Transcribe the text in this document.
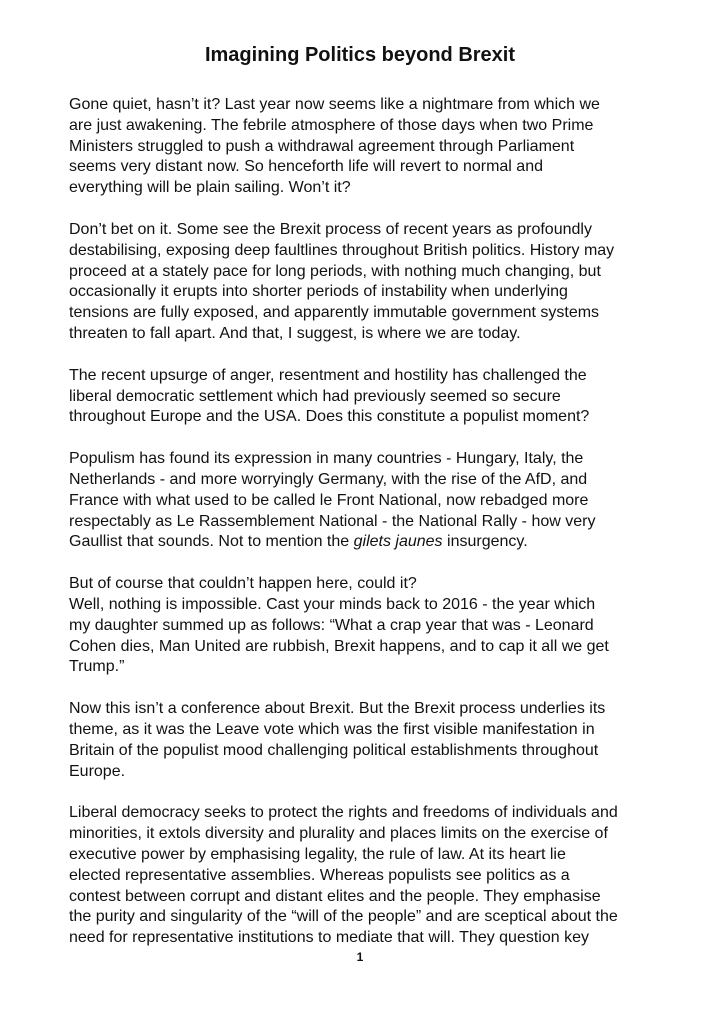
Imagining Politics beyond Brexit

Gone quiet, hasn’t it? Last year now seems like a nightmare from which we
are just awakening. The febrile atmosphere of those days when two Prime
Ministers struggled to push a withdrawal agreement through Parliament
seems very distant now. So henceforth life will revert to normal and
everything will be plain sailing. Won’t it?

Don’t bet on it. Some see the Brexit process of recent years as profoundly
destabilising, exposing deep faultlines throughout British politics. History may
proceed at a stately pace for long periods, with nothing much changing, but
occasionally it erupts into shorter periods of instability when underlying
tensions are fully exposed, and apparently immutable government systems
threaten to fall apart. And that, I suggest, is where we are today.

The recent upsurge of anger, resentment and hostility has challenged the
liberal democratic settlement which had previously seemed so secure
throughout Europe and the USA. Does this constitute a populist moment?

Populism has found its expression in many countries - Hungary, Italy, the
Netherlands - and more worryingly Germany, with the rise of the AfD, and
France with what used to be called le Front National, now rebadged more
respectably as Le Rassemblement National - the National Rally - how very
Gaullist that sounds. Not to mention the gilets jaunes insurgency.

But of course that couldn’t happen here, could it?
Well, nothing is impossible. Cast your minds back to 2016 - the year which
my daughter summed up as follows: “What a crap year that was - Leonard
Cohen dies, Man United are rubbish, Brexit happens, and to cap it all we get
Trump.”

Now this isn’t a conference about Brexit. But the Brexit process underlies its
theme, as it was the Leave vote which was the first visible manifestation in
Britain of the populist mood challenging political establishments throughout
Europe.

Liberal democracy seeks to protect the rights and freedoms of individuals and
minorities, it extols diversity and plurality and places limits on the exercise of
executive power by emphasising legality, the rule of law. At its heart lie
elected representative assemblies. Whereas populists see politics as a
contest between corrupt and distant elites and the people. They emphasise
the purity and singularity of the “will of the people” and are sceptical about the
need for representative institutions to mediate that will. They question key

1
